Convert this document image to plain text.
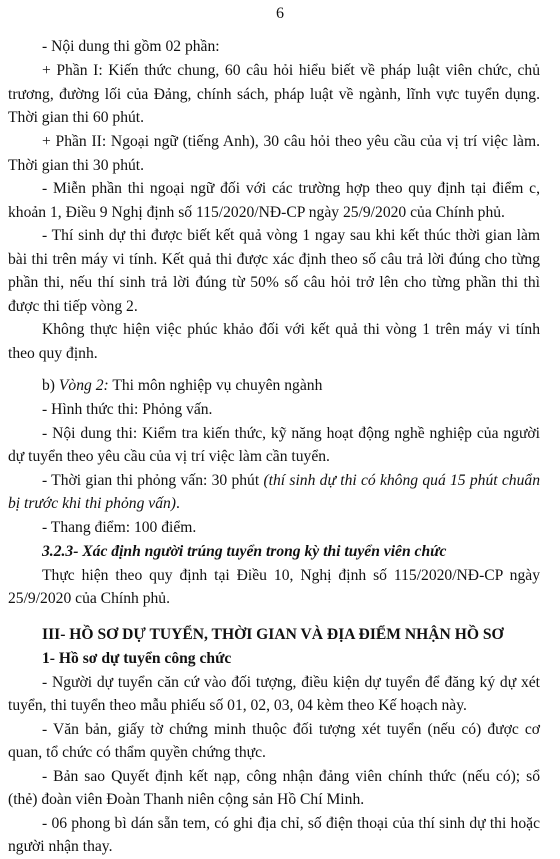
6
- Nội dung thi gồm 02 phần:
+ Phần I: Kiến thức chung, 60 câu hỏi hiểu biết về pháp luật viên chức, chủ trương, đường lối của Đảng, chính sách, pháp luật về ngành, lĩnh vực tuyển dụng. Thời gian thi 60 phút.
+ Phần II: Ngoại ngữ (tiếng Anh), 30 câu hỏi theo yêu cầu của vị trí việc làm. Thời gian thi 30 phút.
- Miễn phần thi ngoại ngữ đối với các trường hợp theo quy định tại điểm c, khoản 1, Điều 9 Nghị định số 115/2020/NĐ-CP ngày 25/9/2020 của Chính phủ.
- Thí sinh dự thi được biết kết quả vòng 1 ngay sau khi kết thúc thời gian làm bài thi trên máy vi tính. Kết quả thi được xác định theo số câu trả lời đúng cho từng phần thi, nếu thí sinh trả lời đúng từ 50% số câu hỏi trở lên cho từng phần thi thì được thi tiếp vòng 2.
Không thực hiện việc phúc khảo đối với kết quả thi vòng 1 trên máy vi tính theo quy định.
b) Vòng 2: Thi môn nghiệp vụ chuyên ngành
- Hình thức thi: Phỏng vấn.
- Nội dung thi: Kiểm tra kiến thức, kỹ năng hoạt động nghề nghiệp của người dự tuyển theo yêu cầu của vị trí việc làm cần tuyển.
- Thời gian thi phỏng vấn: 30 phút (thí sinh dự thi có không quá 15 phút chuẩn bị trước khi thi phỏng vấn).
- Thang điểm: 100 điểm.
3.2.3- Xác định người trúng tuyển trong kỳ thi tuyển viên chức
Thực hiện theo quy định tại Điều 10, Nghị định số 115/2020/NĐ-CP ngày 25/9/2020 của Chính phủ.
III- HỒ SƠ DỰ TUYỂN, THỜI GIAN VÀ ĐỊA ĐIỂM NHẬN HỒ SƠ
1- Hồ sơ dự tuyển công chức
- Người dự tuyển căn cứ vào đối tượng, điều kiện dự tuyển để đăng ký dự xét tuyển, thi tuyển theo mẫu phiếu số 01, 02, 03, 04 kèm theo Kế hoạch này.
- Văn bản, giấy tờ chứng minh thuộc đối tượng xét tuyển (nếu có) được cơ quan, tổ chức có thẩm quyền chứng thực.
- Bản sao Quyết định kết nạp, công nhận đảng viên chính thức (nếu có); sổ (thẻ) đoàn viên Đoàn Thanh niên cộng sản Hồ Chí Minh.
- 06 phong bì dán sẵn tem, có ghi địa chỉ, số điện thoại của thí sinh dự thi hoặc người nhận thay.
